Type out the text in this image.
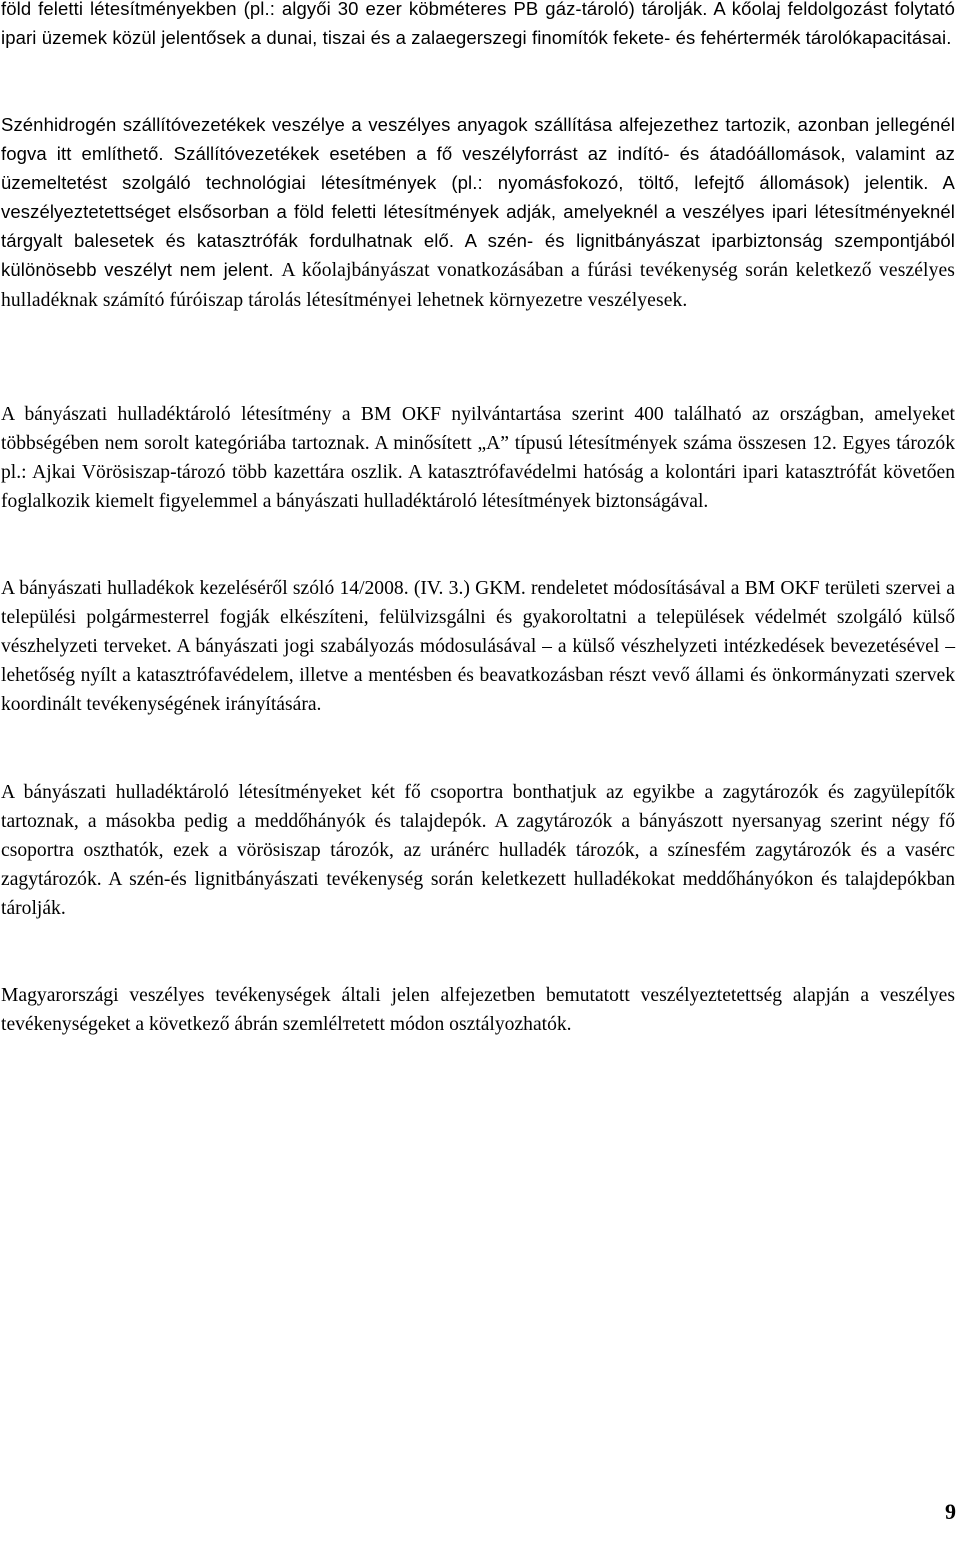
föld feletti létesítményekben (pl.: algyői 30 ezer köbméteres PB gáz-tároló) tárolják. A kőolaj feldolgozást folytató ipari üzemek közül jelentősek a dunai, tiszai és a zalaegerszegi finomítók fekete- és fehértermék tárolókapacitásai.

Szénhidrogén szállítóvezetékek veszélye a veszélyes anyagok szállítása alfejezethez tartozik, azonban jellegénél fogva itt említhető. Szállítóvezetékek esetében a fő veszélyforrást az indító- és átadóállomások, valamint az üzemeltetést szolgáló technológiai létesítmények (pl.: nyomásfokozó, töltő, lefejtő állomások) jelentik. A veszélyeztetettséget elsősorban a föld feletti létesítmények adják, amelyeknél a veszélyes ipari létesítményeknél tárgyalt balesetek és katasztrófák fordulhatnak elő. A szén- és lignitbányászat iparbiztonság szempontjából különösebb veszélyt nem jelent. A kőolajbányászat vonatkozásában a fúrási tevékenység során keletkező veszélyes hulladéknak számító fúróiszap tárolás létesítményei lehetnek környezetre veszélyesek.

A bányászati hulladéktároló létesítmény a BM OKF nyilvántartása szerint 400 található az országban, amelyeket többségében nem sorolt kategóriába tartoznak. A minősített „A” típusú létesítmények száma összesen 12. Egyes tározók pl.: Ajkai Vörösiszap-tározó több kazettára oszlik. A katasztrófavédelmi hatóság a kolontári ipari katasztrófát követően foglalkozik kiemelt figyelemmel a bányászati hulladéktároló létesítmények biztonságával.

A bányászati hulladékok kezeléséről szóló 14/2008. (IV. 3.) GKM. rendeletet módosításával a BM OKF területi szervei a települési polgármesterrel fogják elkészíteni, felülvizsgálni és gyakoroltatni a települések védelmét szolgáló külső vészhelyzeti terveket. A bányászati jogi szabályozás módosulásával – a külső vészhelyzeti intézkedések bevezetésével – lehetőség nyílt a katasztrófavédelem, illetve a mentésben és beavatkozásban részt vevő állami és önkormányzati szervek koordinált tevékenységének irányítására.

A bányászati hulladéktároló létesítményeket két fő csoportra bonthatjuk az egyikbe a zagytározók és zagyülepítők tartoznak, a másokba pedig a meddőhányók és talajdepók. A zagytározók a bányászott nyersanyag szerint négy fő csoportra oszthatók, ezek a vörösiszap tározók, az uránérc hulladék tározók, a színesfém zagytározók és a vasérc zagytározók. A szén-és lignitbányászati tevékenység során keletkezett hulladékokat meddőhányókon és talajdepókban tárolják.

Magyarországi veszélyes tevékenységek általi jelen alfejezetben bemutatott veszélyeztetettség alapján a veszélyes tevékenységeket a következő ábrán szemlélтetett módon osztályozhatók.

9
